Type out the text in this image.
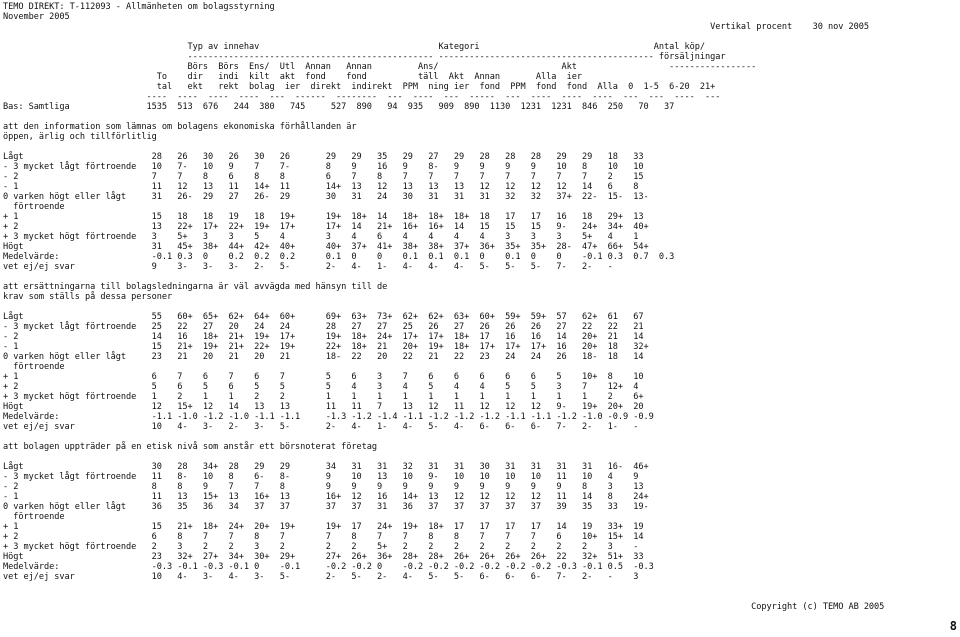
TEMO DIREKT: T-112093 - Allmänheten om bolagsstyrning
November 2005
Vertikal procent    30 nov 2005
Typ av innehav                                   Kategori                                  Antal köp/
------------------------------------------------ ------------------------------------------ försäljningar
Börs  Börs  Ens/  Utl  Annan   Annan         Ans/                        Akt                  -----------------
To    dir   indi  kilt  akt  fond    fond          täll  Akt  Annan       Alla  ier
tal   ekt   rekt  bolag  ier  direkt  indirekt  PPM  ning ier  fond  PPM  fond  fond  Alla  0  1-5  6-20  21+
----  ----  ----  ----  ---  ------  --------  ---  ----  ---  -----  ---  ----  ----  ----  ---  ---  ----  ---
Bas: Samtliga               1535  513  676   244  380   745     527  890   94  935   909  890  1130  1231  1231  846  250   70   37
att den information som lämnas om bolagens ekonomiska förhållanden är
öppen, ärlig och tillförlitlig
Lågt                         28   26   30   26   30   26       29   29   35   29   27   29   28   28   28   29   29   18   33
- 3 mycket lågt förtroende   10   7-   10   9    7    7-       8    9    16   9    8-   9    9    9    9    10   8    10   10
- 2                          7    7    8    6    8    8        6    7    8    7    7    7    7    7    7    7    7    2    15
- 1                          11   12   13   11   14+  11       14+  13   12   13   13   13   12   12   12   12   14   6    8
0 varken högt eller lågt     31   26-  29   27   26-  29       30   31   24   30   31   31   31   32   32   37+  22-  15-  13-
förtroende
+ 1                          15   18   18   19   18   19+      19+  18+  14   18+  18+  18+  18   17   17   16   18   29+  13
+ 2                          13   22+  17+  22+  19+  17+      17+  14   21+  16+  16+  14   15   15   15   9-   24+  34+  40+
+ 3 mycket högt förtroende   3    5+   3    3    5    4        3    4    6    4    4    4    4    3    3    3    5+   4    1
Högt                         31   45+  38+  44+  42+  40+      40+  37+  41+  38+  38+  37+  36+  35+  35+  28-  47+  66+  54+
Medelvärde:                  -0.1 0.3  0    0.2  0.2  0.2      0.1  0    0    0.1  0.1  0.1  0    0.1  0    0    -0.1 0.3  0.7  0.3
vet ej/ej svar               9    3-   3-   3-   2-   5-       2-   4-   1-   4-   4-   4-   5-   5-   5-   7-   2-   -
att ersättningarna till bolagsledningarna är väl avvägda med hänsyn till de
krav som ställs på dessa personer
Lågt                         55   60+  65+  62+  64+  60+      69+  63+  73+  62+  62+  63+  60+  59+  59+  57   62+  61   67
- 3 mycket lågt förtroende   25   22   27   20   24   24       28   27   27   25   26   27   26   26   26   27   22   22   21
- 2                          14   16   18+  21+  19+  17+      19+  18+  24+  17+  17+  18+  17   16   16   14   20+  21   14
- 1                          15   21+  19+  21+  22+  19+      22+  18+  21   20+  19+  18+  17+  17+  17+  16   20+  18   32+
0 varken högt eller lågt     23   21   20   21   20   21       18-  22   20   22   21   22   23   24   24   26   18-  18   14
förtroende
+ 1                          6    7    6    7    6    7        5    6    3    7    6    6    6    6    6    5    10+  8    10
+ 2                          5    6    5    6    5    5        5    4    3    4    5    4    4    5    5    3    7    12+  4
+ 3 mycket högt förtroende   1    2    1    1    2    2        1    1    1    1    1    1    1    1    1    1    1    2    6+
Högt                         12   15+  12   14   13   13       11   11   7    13   12   11   12   12   12   9-   19+  20+  20
Medelvärde:                  -1.1 -1.0 -1.2 -1.0 -1.1 -1.1     -1.3 -1.2 -1.4 -1.1 -1.2 -1.2 -1.2 -1.1 -1.1 -1.2 -1.0 -0.9 -0.9
vet ej/ej svar               10   4-   3-   2-   3-   5-       2-   4-   1-   4-   5-   4-   6-   6-   6-   7-   2-   1-   -
att bolagen uppträder på en etisk nivå som anstår ett börsnoterat företag
Lågt                         30   28   34+  28   29   29       34   31   31   32   31   31   30   31   31   31   31   16-  46+
- 3 mycket lågt förtroende   11   8-   10   8    6-   8-       9    10   13   10   9-   10   10   10   10   11   10   4    9
- 2                          8    8    9    7    7    8        9    9    9    9    9    9    9    9    9    9    8    3    13
- 1                          11   13   15+  13   16+  13       16+  12   16   14+  13   12   12   12   12   11   14   8    24+
0 varken högt eller lågt     36   35   36   34   37   37       37   37   31   36   37   37   37   37   37   39   35   33   19-
förtroende
+ 1                          15   21+  18+  24+  20+  19+      19+  17   24+  19+  18+  17   17   17   17   14   19   33+  19
+ 2                          6    8    7    7    8    7        7    8    7    7    8    8    7    7    7    6    10+  15+  14
+ 3 mycket högt förtroende   2    3    2    2    3    2        2    2    5+   2    2    2    2    2    2    2    2    3    -
Högt                         23   32+  27+  34+  30+  29+      27+  26+  36+  28+  28+  26+  26+  26+  26+  22   32+  51+  33
Medelvärde:                  -0.3 -0.1 -0.3 -0.1 0    -0.1     -0.2 -0.2 0    -0.2 -0.2 -0.2 -0.2 -0.2 -0.2 -0.3 -0.1 0.5  -0.3
vet ej/ej svar               10   4-   3-   4-   3-   5-       2-   5-   2-   4-   5-   5-   6-   6-   6-   7-   2-   -    3
Copyright (c) TEMO AB 2005
8
